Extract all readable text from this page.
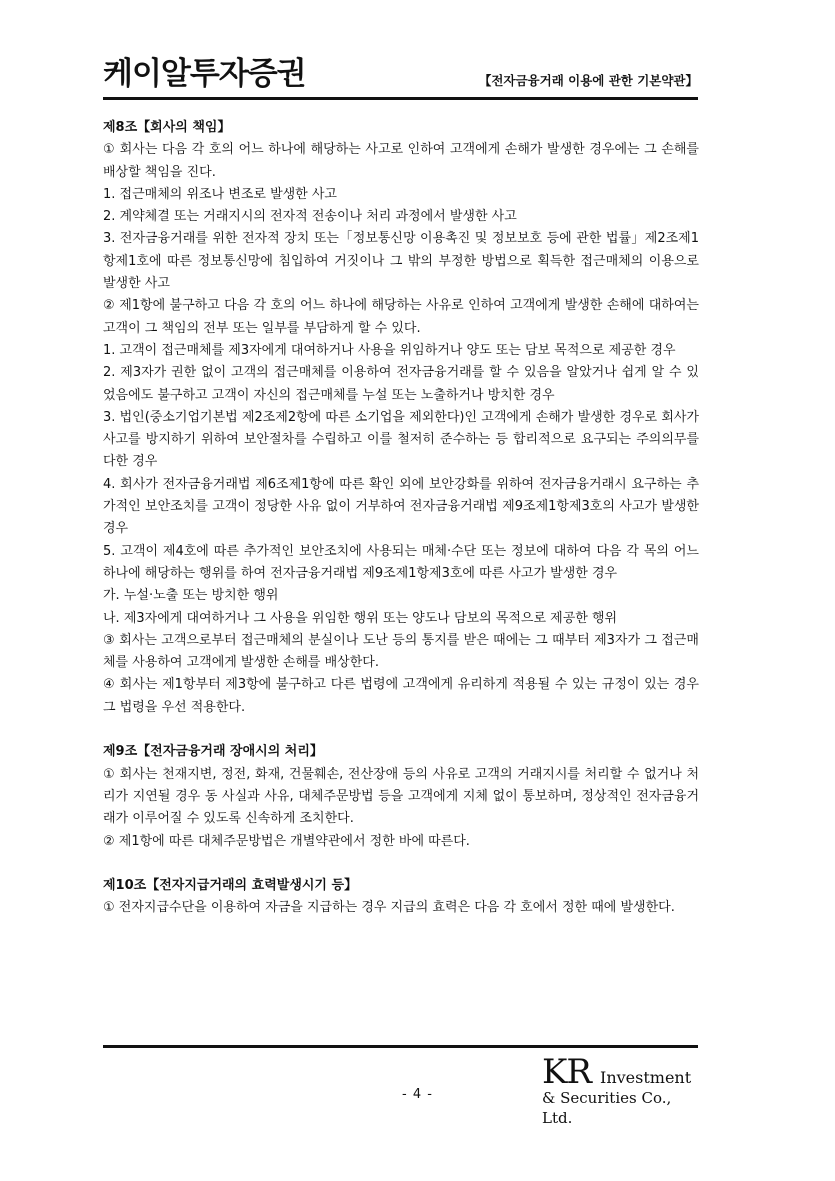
케이알투자증권	【전자금융거래 이용에 관한 기본약관】

제8조【회사의 책임】

① 회사는 다음 각 호의 어느 하나에 해당하는 사고로 인하여 고객에게 손해가 발생한 경우에는 그 손해를 배상할 책임을 진다.

1. 접근매체의 위조나 변조로 발생한 사고

2. 계약체결 또는 거래지시의 전자적 전송이나 처리 과정에서 발생한 사고

3. 전자금융거래를 위한 전자적 장치 또는「정보통신망 이용촉진 및 정보보호 등에 관한 법률」제2조제1항제1호에 따른 정보통신망에 침입하여 거짓이나 그 밖의 부정한 방법으로 획득한 접근매체의 이용으로 발생한 사고

② 제1항에 불구하고 다음 각 호의 어느 하나에 해당하는 사유로 인하여 고객에게 발생한 손해에 대하여는 고객이 그 책임의 전부 또는 일부를 부담하게 할 수 있다.

1. 고객이 접근매체를 제3자에게 대여하거나 사용을 위임하거나 양도 또는 담보 목적으로 제공한 경우

2. 제3자가 권한 없이 고객의 접근매체를 이용하여 전자금융거래를 할 수 있음을 알았거나 쉽게 알 수 있었음에도 불구하고 고객이 자신의 접근매체를 누설 또는 노출하거나 방치한 경우

3. 법인(중소기업기본법 제2조제2항에 따른 소기업을 제외한다)인 고객에게 손해가 발생한 경우로 회사가 사고를 방지하기 위하여 보안절차를 수립하고 이를 철저히 준수하는 등 합리적으로 요구되는 주의의무를 다한 경우

4. 회사가 전자금융거래법 제6조제1항에 따른 확인 외에 보안강화를 위하여 전자금융거래시 요구하는 추가적인 보안조치를 고객이 정당한 사유 없이 거부하여 전자금융거래법 제9조제1항제3호의 사고가 발생한 경우

5. 고객이 제4호에 따른 추가적인 보안조치에 사용되는 매체·수단 또는 정보에 대하여 다음 각 목의 어느 하나에 해당하는 행위를 하여 전자금융거래법 제9조제1항제3호에 따른 사고가 발생한 경우

가. 누설·노출 또는 방치한 행위

나. 제3자에게 대여하거나 그 사용을 위임한 행위 또는 양도나 담보의 목적으로 제공한 행위

③ 회사는 고객으로부터 접근매체의 분실이나 도난 등의 통지를 받은 때에는 그 때부터 제3자가 그 접근매체를 사용하여 고객에게 발생한 손해를 배상한다.

④ 회사는 제1항부터 제3항에 불구하고 다른 법령에 고객에게 유리하게 적용될 수 있는 규정이 있는 경우 그 법령을 우선 적용한다.

제9조【전자금융거래 장애시의 처리】

① 회사는 천재지변, 정전, 화재, 건물훼손, 전산장애 등의 사유로 고객의 거래지시를 처리할 수 없거나 처리가 지연될 경우 동 사실과 사유, 대체주문방법 등을 고객에게 지체 없이 통보하며, 정상적인 전자금융거래가 이루어질 수 있도록 신속하게 조치한다.

② 제1항에 따른 대체주문방법은 개별약관에서 정한 바에 따른다.

제10조【전자지급거래의 효력발생시기 등】

① 전자지급수단을 이용하여 자금을 지급하는 경우 지급의 효력은 다음 각 호에서 정한 때에 발생한다.

- 4 -
KR Investment
& Securities Co., Ltd.
